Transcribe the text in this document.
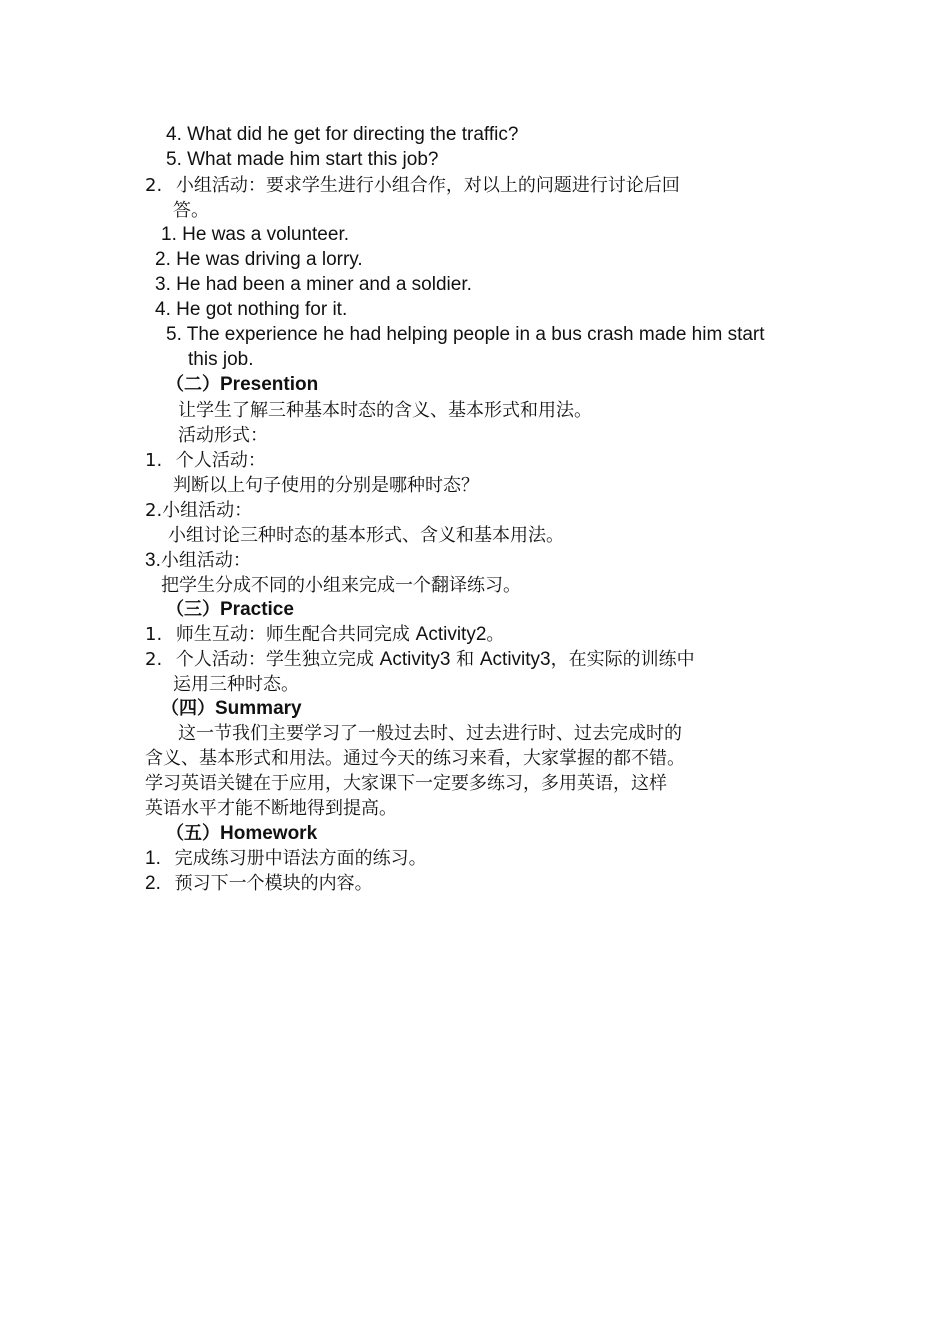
4. What did he get for directing the traffic?
5. What made him start this job?
2. 小组活动：要求学生进行小组合作，对以上的问题进行讨论后回
答。
1. He was a volunteer.
2. He was driving a lorry.
3. He had been a miner and a soldier.
4. He got nothing for it.
5. The experience he had helping people in a bus crash made him start
this job.
（二）Presention
让学生了解三种基本时态的含义、基本形式和用法。
活动形式：
1. 个人活动：
判断以上句子使用的分别是哪种时态？
2.小组活动：
小组讨论三种时态的基本形式、含义和基本用法。
3.小组活动：
把学生分成不同的小组来完成一个翻译练习。
（三）Practice
1. 师生互动：师生配合共同完成 Activity2。
2. 个人活动：学生独立完成 Activity3 和 Activity3，在实际的训练中
运用三种时态。
（四）Summary
这一节我们主要学习了一般过去时、过去进行时、过去完成时的
含义、基本形式和用法。通过今天的练习来看，大家掌握的都不错。
学习英语关键在于应用，大家课下一定要多练习，多用英语，这样
英语水平才能不断地得到提高。
（五）Homework
1. 完成练习册中语法方面的练习。
2. 预习下一个模块的内容。
